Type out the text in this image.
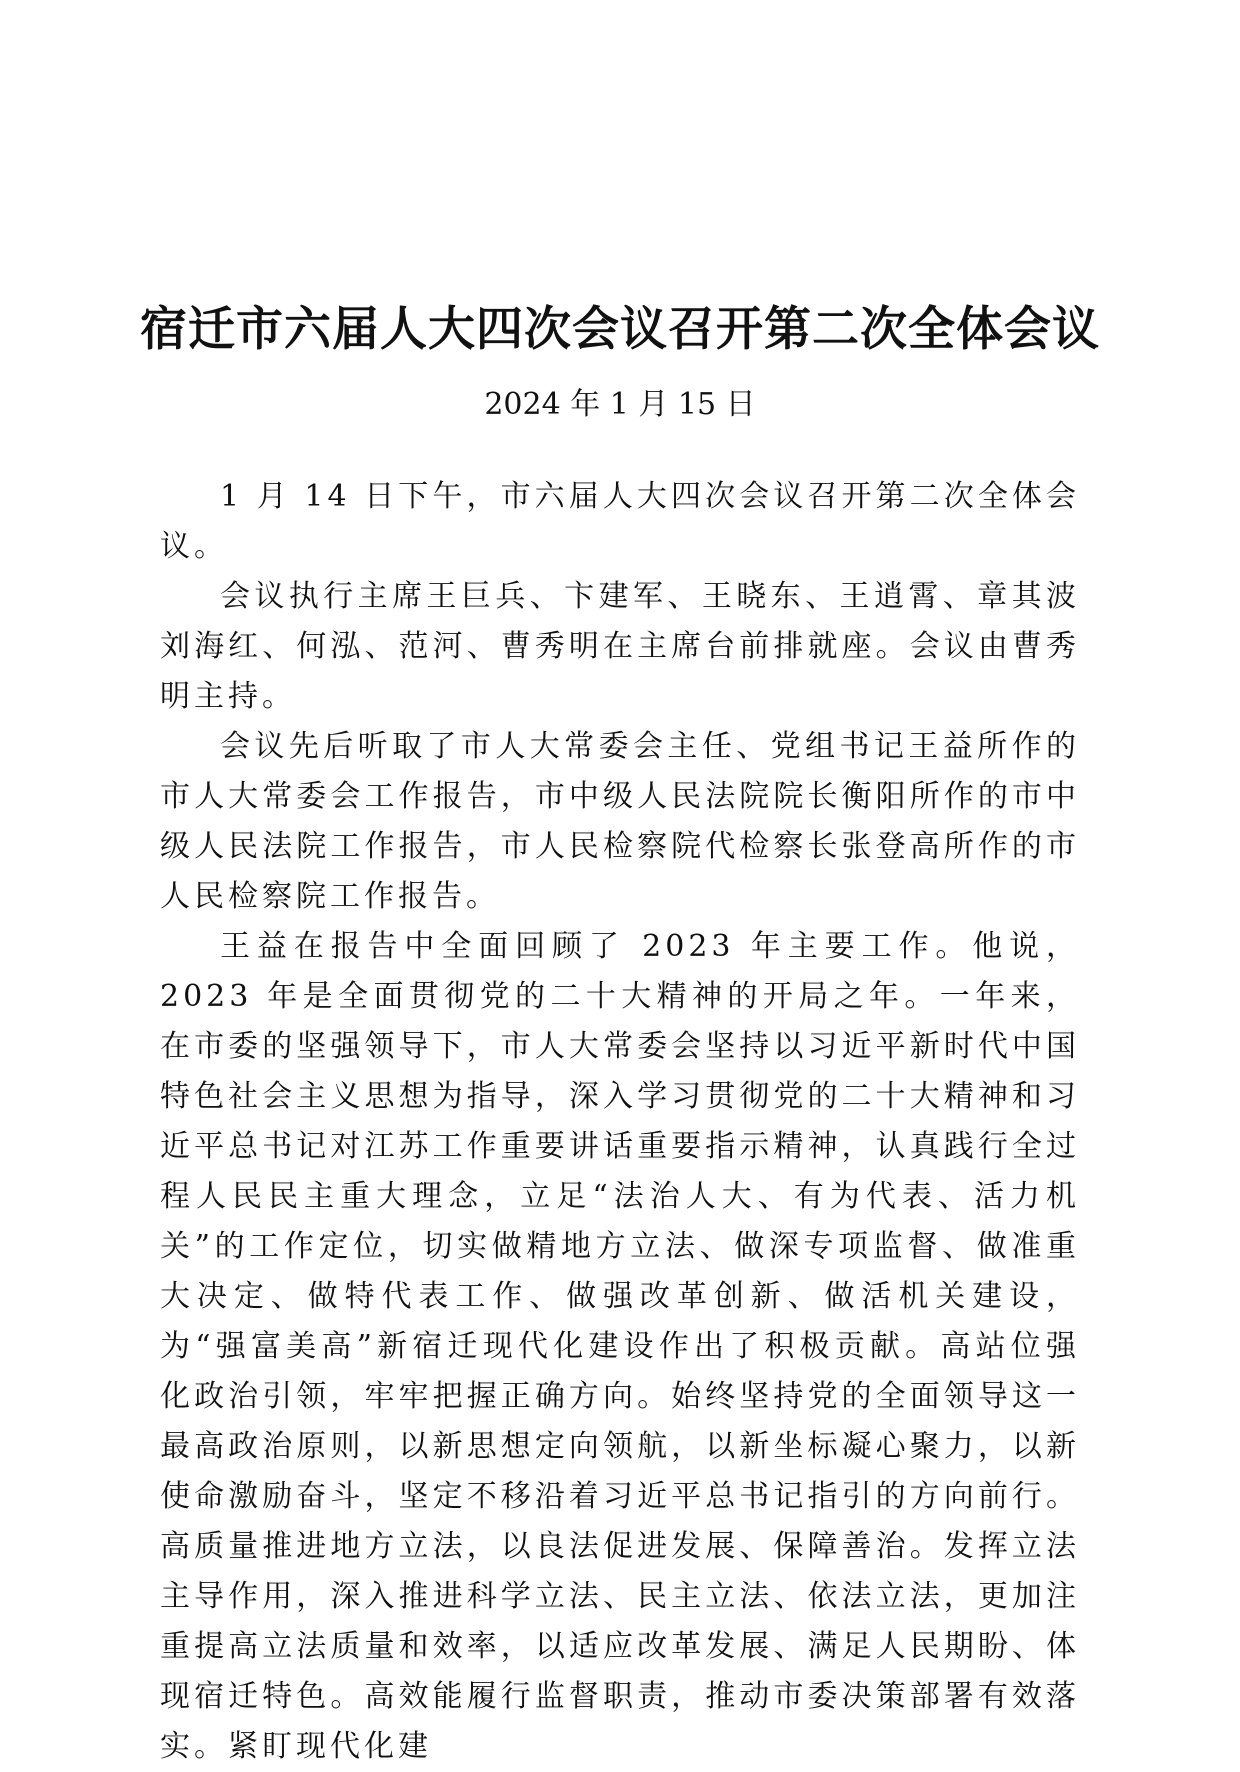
宿迁市六届人大四次会议召开第二次全体会议
2024 年 1 月 15 日

1 月 14 日下午，市六届人大四次会议召开第二次全体会议。

会议执行主席王巨兵、卞建军、王晓东、王逍霄、章其波刘海红、何泓、范河、曹秀明在主席台前排就座。会议由曹秀明主持。

会议先后听取了市人大常委会主任、党组书记王益所作的市人大常委会工作报告，市中级人民法院院长衡阳所作的市中级人民法院工作报告，市人民检察院代检察长张登高所作的市人民检察院工作报告。

王益在报告中全面回顾了 2023 年主要工作。他说，2023 年是全面贯彻党的二十大精神的开局之年。一年来，在市委的坚强领导下，市人大常委会坚持以习近平新时代中国特色社会主义思想为指导，深入学习贯彻党的二十大精神和习近平总书记对江苏工作重要讲话重要指示精神，认真践行全过程人民民主重大理念，立足“法治人大、有为代表、活力机关”的工作定位，切实做精地方立法、做深专项监督、做准重大决定、做特代表工作、做强改革创新、做活机关建设，为“强富美高”新宿迁现代化建设作出了积极贡献。高站位强化政治引领，牢牢把握正确方向。始终坚持党的全面领导这一最高政治原则，以新思想定向领航，以新坐标凝心聚力，以新使命激励奋斗，坚定不移沿着习近平总书记指引的方向前行。高质量推进地方立法，以良法促进发展、保障善治。发挥立法主导作用，深入推进科学立法、民主立法、依法立法，更加注重提高立法质量和效率，以适应改革发展、满足人民期盼、体现宿迁特色。高效能履行监督职责，推动市委决策部署有效落实。紧盯现代化建
